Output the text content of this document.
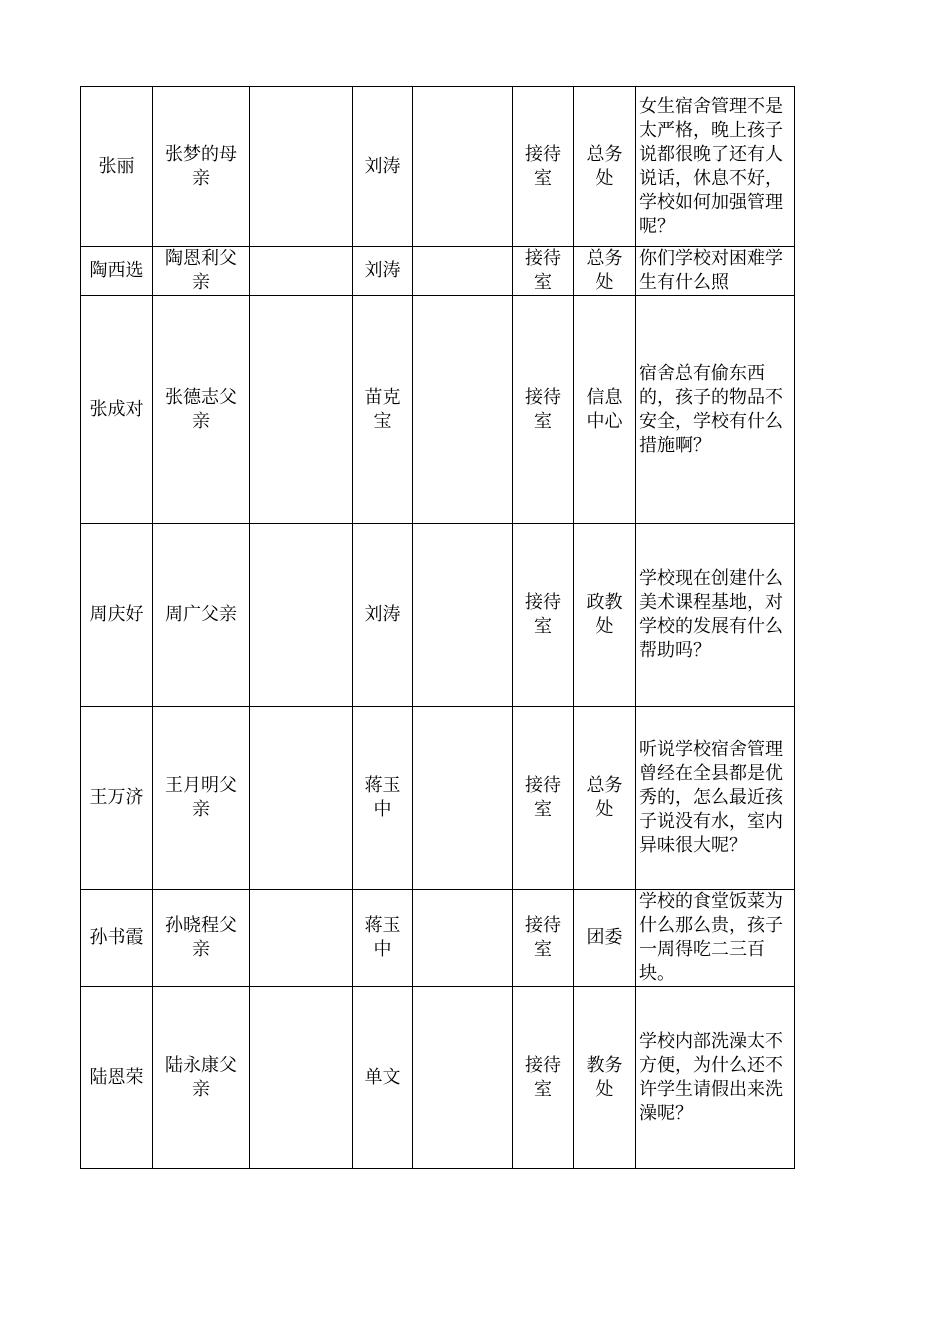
张丽	张梦的母亲		刘涛		接待室	总务处	女生宿舍管理不是太严格，晚上孩子说都很晚了还有人说话，休息不好，学校如何加强管理呢？
陶西选	陶恩利父亲		刘涛		接待室	总务处	你们学校对困难学生有什么照
张成对	张德志父亲		苗克宝		接待室	信息中心	宿舍总有偷东西的，孩子的物品不安全，学校有什么措施啊？
周庆好	周广父亲		刘涛		接待室	政教处	学校现在创建什么美术课程基地，对学校的发展有什么帮助吗？
王万济	王月明父亲		蒋玉中		接待室	总务处	听说学校宿舍管理曾经在全县都是优秀的，怎么最近孩子说没有水，室内异味很大呢？
孙书霞	孙晓程父亲		蒋玉中		接待室	团委	学校的食堂饭菜为什么那么贵，孩子一周得吃二三百块。
陆恩荣	陆永康父亲		单文		接待室	教务处	学校内部洗澡太不方便，为什么还不许学生请假出来洗澡呢？
